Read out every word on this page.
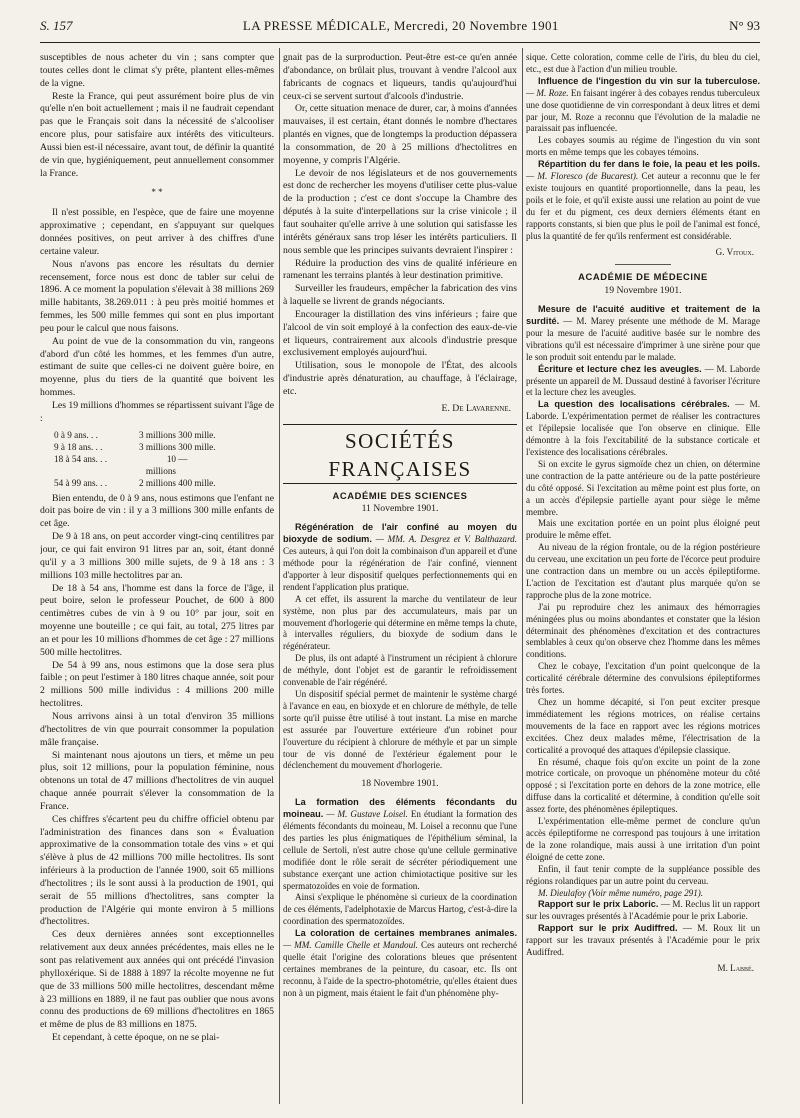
S. 157	LA PRESSE MÉDICALE, Mercredi, 20 Novembre 1901	N° 93

susceptibles de nous acheter du vin ; sans compter que toutes celles dont le climat s'y prête, plantent elles-mêmes de la vigne.

Reste la France, qui peut assurément boire plus de vin qu'elle n'en boit actuellement ; mais il ne faudrait cependant pas que le Français soit dans la nécessité de s'alcooliser encore plus, pour satisfaire aux intérêts des viticulteurs. Aussi bien est-il nécessaire, avant tout, de définir la quantité de vin que, hygiéniquement, peut annuellement consommer la France.

* *

Il n'est possible, en l'espèce, que de faire une moyenne approximative ; cependant, en s'appuyant sur quelques données positives, on peut arriver à des chiffres d'une certaine valeur.

Nous n'avons pas encore les résultats du dernier recensement, force nous est donc de tabler sur celui de 1896. A ce moment la population s'élevait à 38 millions 269 mille habitants, 38.269.011 : à peu près moitié hommes et femmes, les 500 mille femmes qui sont en plus important peu pour le calcul que nous faisons.

Au point de vue de la consommation du vin, rangeons d'abord d'un côté les hommes, et les femmes d'un autre, estimant de suite que celles-ci ne doivent guère boire, en moyenne, plus du tiers de la quantité que boivent les hommes.

Les 19 millions d'hommes se répartissent suivant l'âge de :

0 à 9 ans. . .	3 millions
300 mille.
9 à 18 ans. . .	3 millions
300 mille.
18 à 54 ans. . .	10 millions

—
54 à 99 ans. . .	2 millions
400 mille.

Bien entendu, de 0 à 9 ans, nous estimons que l'enfant ne doit pas boire de vin : il y a 3 millions 300 mille enfants de cet âge.

De 9 à 18 ans, on peut accorder vingt-cinq centilitres par jour, ce qui fait environ 91 litres par an, soit, étant donné qu'il y a 3 millions 300 mille sujets, de 9 à 18 ans : 3 millions 103 mille hectolitres par an.

De 18 à 54 ans, l'homme est dans la force de l'âge, il peut boire, selon le professeur Pouchet, de 600 à 800 centimètres cubes de vin à 9 ou 10° par jour, soit en moyenne une bouteille ; ce qui fait, au total, 275 litres par an et pour les 10 millions d'hommes de cet âge : 27 millions 500 mille hectolitres.

De 54 à 99 ans, nous estimons que la dose sera plus faible ; on peut l'estimer à 180 litres chaque année, soit pour 2 millions 500 mille individus : 4 millions 200 mille hectolitres.

Nous arrivons ainsi à un total d'environ 35 millions d'hectolitres de vin que pourrait consommer la population mâle française.

Si maintenant nous ajoutons un tiers, et même un peu plus, soit 12 millions, pour la population féminine, nous obtenons un total de 47 millions d'hectolitres de vin auquel chaque année pourrait s'élever la consommation de la France.

Ces chiffres s'écartent peu du chiffre officiel obtenu par l'administration des finances dans son « Évaluation approximative de la consommation totale des vins » et qui s'élève à plus de 42 millions 700 mille hectolitres. Ils sont inférieurs à la production de l'année 1900, soit 65 millions d'hectolitres ; ils le sont aussi à la production de 1901, qui serait de 55 millions d'hectolitres, sans compter la production de l'Algérie qui monte environ à 5 millions d'hectolitres.

Ces deux dernières années sont exceptionnelles relativement aux deux années précédentes, mais elles ne le sont pas relativement aux années qui ont précédé l'invasion phylloxérique. Si de 1888 à 1897 la récolte moyenne ne fut que de 33 millions 500 mille hectolitres, descendant même à 23 millions en 1889, il ne faut pas oublier que nous avons connu des productions de 69 millions d'hectolitres en 1865 et même de plus de 83 millions en 1875.

Et cependant, à cette époque, on ne se plai-

gnait pas de la surproduction. Peut-être est-ce qu'en année d'abondance, on brûlait plus, trouvant à vendre l'alcool aux fabricants de cognacs et liqueurs, tandis qu'aujourd'hui ceux-ci se servent surtout d'alcools d'industrie.

Or, cette situation menace de durer, car, à moins d'années mauvaises, il est certain, étant donnés le nombre d'hectares plantés en vignes, que de longtemps la production dépassera la consommation, de 20 à 25 millions d'hectolitres en moyenne, y compris l'Algérie.

Le devoir de nos législateurs et de nos gouvernements est donc de rechercher les moyens d'utiliser cette plus-value de la production ; c'est ce dont s'occupe la Chambre des députés à la suite d'interpellations sur la crise vinicole ; il faut souhaiter qu'elle arrive à une solution qui satisfasse les intérêts généraux sans trop léser les intérêts particuliers. Il nous semble que les principes suivants devraient l'inspirer :

Réduire la production des vins de qualité inférieure en ramenant les terrains plantés à leur destination primitive.

Surveiller les fraudeurs, empêcher la fabrication des vins à laquelle se livrent de grands négociants.

Encourager la distillation des vins inférieurs ; faire que l'alcool de vin soit employé à la confection des eaux-de-vie et liqueurs, contrairement aux alcools d'industrie presque exclusivement employés aujourd'hui.

Utilisation, sous le monopole de l'État, des alcools d'industrie après dénaturation, au chauffage, à l'éclairage, etc.

E. De Lavarenne.

SOCIÉTÉS FRANÇAISES

ACADÉMIE DES SCIENCES

11 Novembre 1901.

Régénération de l'air confiné au moyen du bioxyde de sodium. — MM. A. Desgrez et V. Balthazard. Ces auteurs, à qui l'on doit la combinaison d'un appareil et d'une méthode pour la régénération de l'air confiné, viennent d'apporter à leur dispositif quelques perfectionnements qui en rendent l'application plus pratique.

A cet effet, ils assurent la marche du ventilateur de leur système, non plus par des accumulateurs, mais par un mouvement d'horlogerie qui détermine en même temps la chute, à intervalles réguliers, du bioxyde de sodium dans le régénérateur.

De plus, ils ont adapté à l'instrument un récipient à chlorure de méthyle, dont l'objet est de garantir le refroidissement convenable de l'air régénéré.

Un dispositif spécial permet de maintenir le système chargé à l'avance en eau, en bioxyde et en chlorure de méthyle, de telle sorte qu'il puisse être utilisé à tout instant. La mise en marche est assurée par l'ouverture extérieure d'un robinet pour l'ouverture du récipient à chlorure de méthyle et par un simple tour de vis donné de l'extérieur également pour le déclenchement du mouvement d'horlogerie.

18 Novembre 1901.

La formation des éléments fécondants du moineau. — M. Gustave Loisel. En étudiant la formation des éléments fécondants du moineau, M. Loisel a reconnu que l'une des parties les plus énigmatiques de l'épithélium séminal, la cellule de Sertoli, n'est autre chose qu'une cellule germinative modifiée dont le rôle serait de sécréter périodiquement une substance exerçant une action chimiotactique positive sur les spermatozoïdes en voie de formation.

Ainsi s'explique le phénomène si curieux de la coordination de ces éléments, l'adelphotaxie de Marcus Hartog, c'est-à-dire la coordination des spermatozoïdes.

La coloration de certaines membranes animales. — MM. Camille Chelle et Mandoul. Ces auteurs ont recherché quelle était l'origine des colorations bleues que présentent certaines membranes de la peinture, du casoar, etc. Ils ont reconnu, à l'aide de la spectro-photométrie, qu'elles étaient dues non à un pigment, mais étaient le fait d'un phénomène phy-

sique. Cette coloration, comme celle de l'iris, du bleu du ciel, etc., est due à l'action d'un milieu trouble.

Influence de l'ingestion du vin sur la tuberculose. — M. Roze. En faisant ingérer à des cobayes rendus tuberculeux une dose quotidienne de vin correspondant à deux litres et demi par jour, M. Roze a reconnu que l'évolution de la maladie ne paraissait pas influencée.

Les cobayes soumis au régime de l'ingestion du vin sont morts en même temps que les cobayes témoins.

Répartition du fer dans le foie, la peau et les poils. — M. Florescо (de Bucarest). Cet auteur a reconnu que le fer existe toujours en quantité proportionnelle, dans la peau, les poils et le foie, et qu'il existe aussi une relation au point de vue du fer et du pigment, ces deux derniers éléments étant en rapports constants, si bien que plus le poil de l'animal est foncé, plus la quantité de fer qu'ils renferment est considérable.

G. Vitoux.

ACADÉMIE DE MÉDECINE

19 Novembre 1901.

Mesure de l'acuité auditive et traitement de la surdité. — M. Marey présente une méthode de M. Marage pour la mesure de l'acuité auditive basée sur le nombre des vibrations qu'il est nécessaire d'imprimer à une sirène pour que le son produit soit entendu par le malade.

Écriture et lecture chez les aveugles. — M. Laborde présente un appareil de M. Dussaud destiné à favoriser l'écriture et la lecture chez les aveugles.

La question des localisations cérébrales. — M. Laborde. L'expérimentation permet de réaliser les contractures et l'épilepsie localisée que l'on observe en clinique. Elle démontre à la fois l'excitabilité de la substance corticale et l'existence des localisations cérébrales.

Si on excite le gyrus sigmoïde chez un chien, on détermine une contraction de la patte antérieure ou de la patte postérieure du côté opposé. Si l'excitation au même point est plus forte, on a un accès d'épilepsie partielle ayant pour siège le même membre.

Mais une excitation portée en un point plus éloigné peut produire le même effet.

Au niveau de la région frontale, ou de la région postérieure du cerveau, une excitation un peu forte de l'écorce peut produire une contraction dans un membre ou un accès épileptiforme. L'action de l'excitation est d'autant plus marquée qu'on se rapproche plus de la zone motrice.

J'ai pu reproduire chez les animaux des hémorragies méningées plus ou moins abondantes et constater que la lésion déterminait des phénomènes d'excitation et des contractures semblables à ceux qu'on observe chez l'homme dans les mêmes conditions.

Chez le cobaye, l'excitation d'un point quelconque de la corticalité cérébrale détermine des convulsions épileptiformes très fortes.

Chez un homme décapité, si l'on peut exciter presque immédiatement les régions motrices, on réalise certains mouvements de la face en rapport avec les régions motrices excitées. Chez deux malades même, l'électrisation de la corticalité a provoqué des attaques d'épilepsie classique.

En résumé, chaque fois qu'on excite un point de la zone motrice corticale, on provoque un phénomène moteur du côté opposé ; si l'excitation porte en dehors de la zone motrice, elle diffuse dans la corticalité et détermine, à condition qu'elle soit assez forte, des phénomènes épileptiques.

L'expérimentation elle-même permet de conclure qu'un accès épileptiforme ne correspond pas toujours à une irritation de la zone rolandique, mais aussi à une irritation d'un point éloigné de cette zone.

Enfin, il faut tenir compte de la suppléance possible des régions rolandiques par un autre point du cerveau.

M. Dieulafoy (Voir même numéro, page 291).

Rapport sur le prix Laboric. — M. Reclus lit un rapport sur les ouvrages présentés à l'Académie pour le prix Laborie.

Rapport sur le prix Audiffred. — M. Roux lit un rapport sur les travaux présentés à l'Académie pour le prix Audiffred.

M. Labbé.
